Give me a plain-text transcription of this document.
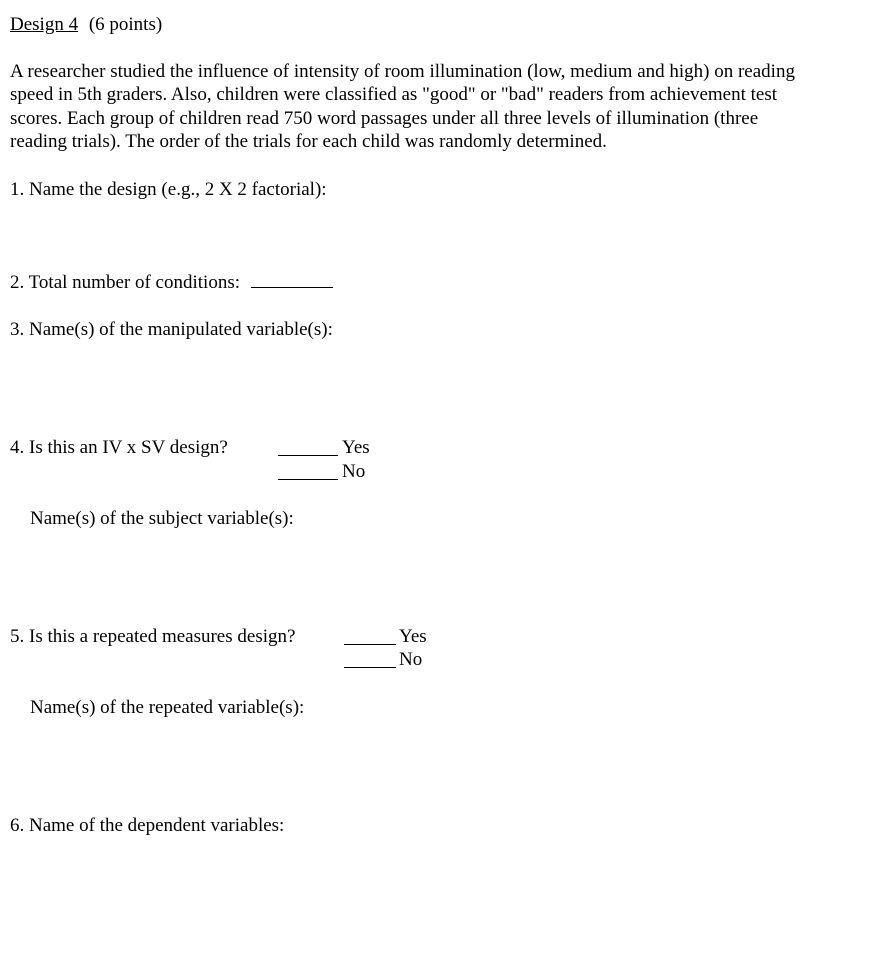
Design 4 (6 points)
A researcher studied the influence of intensity of room illumination (low, medium and high) on reading
speed in 5th graders. Also, children were classified as "good" or "bad" readers from achievement test
scores. Each group of children read 750 word passages under all three levels of illumination (three
reading trials). The order of the trials for each child was randomly determined.
1. Name the design (e.g., 2 X 2 factorial):
2. Total number of conditions:
3. Name(s) of the manipulated variable(s):
4. Is this an IV x SV design?	Yes
No
Name(s) of the subject variable(s):
5. Is this a repeated measures design?	Yes
No
Name(s) of the repeated variable(s):
6. Name of the dependent variables:
